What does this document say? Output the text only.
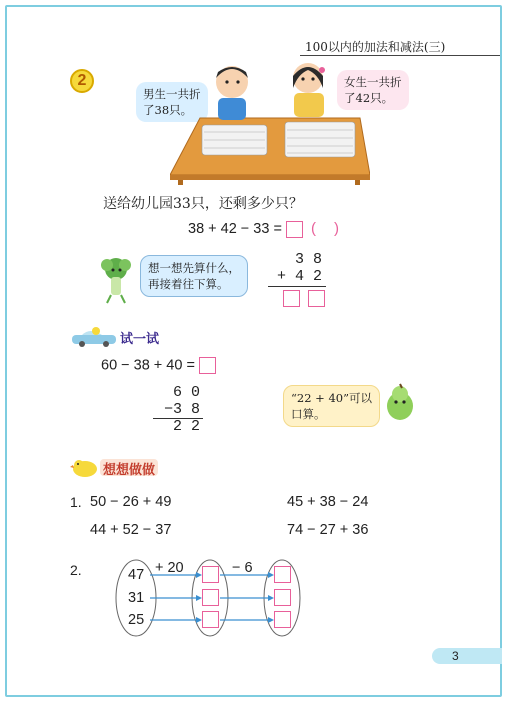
100以内的加法和减法(三)
2
男生一共折
了38只。
女生一共折
了42只。
送给幼儿园33只，还剩多少只？
38 + 42 − 33 = ( )
想一想先算什么，
再接着往下算。
3 8
+ 4 2

试一试
60 − 38 + 40 =
6 0
−3 8
2 2
“22 + 40”可以
口算。
想想做做
1. 50 − 26 + 49	45 + 38 − 24
44 + 52 − 37	74 − 27 + 36
2.	+ 20	− 6
47
31
25
3
